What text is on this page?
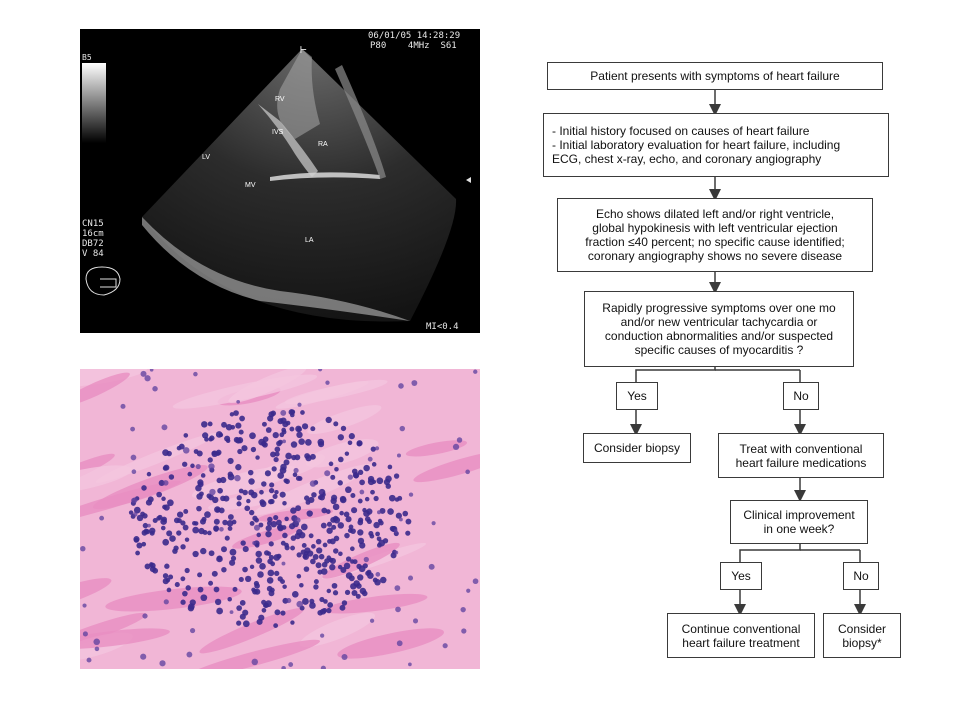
B5
06/01/05 14:28:29
P80    4MHz  S61
⊢
CN15
16cm
DB72
V 84
MI<0.4
RV
IVS
RA
LV
MV
LA
Patient presents with symptoms of heart failure
- Initial history focused on causes of heart failure
- Initial laboratory evaluation for heart failure, including
ECG, chest x-ray, echo, and coronary angiography
Echo shows dilated left and/or right ventricle,
global hypokinesis with left ventricular ejection
fraction ≤40 percent; no specific cause identified;
coronary angiography shows no severe disease
Rapidly progressive symptoms over one mo
and/or new ventricular tachycardia or
conduction abnormalities and/or suspected
specific causes of myocarditis ?
Yes	No
Consider biopsy	Treat with conventional
heart failure medications
Clinical improvement
in one week?
Yes	No
Continue conventional
heart failure treatment
Consider
biopsy*
